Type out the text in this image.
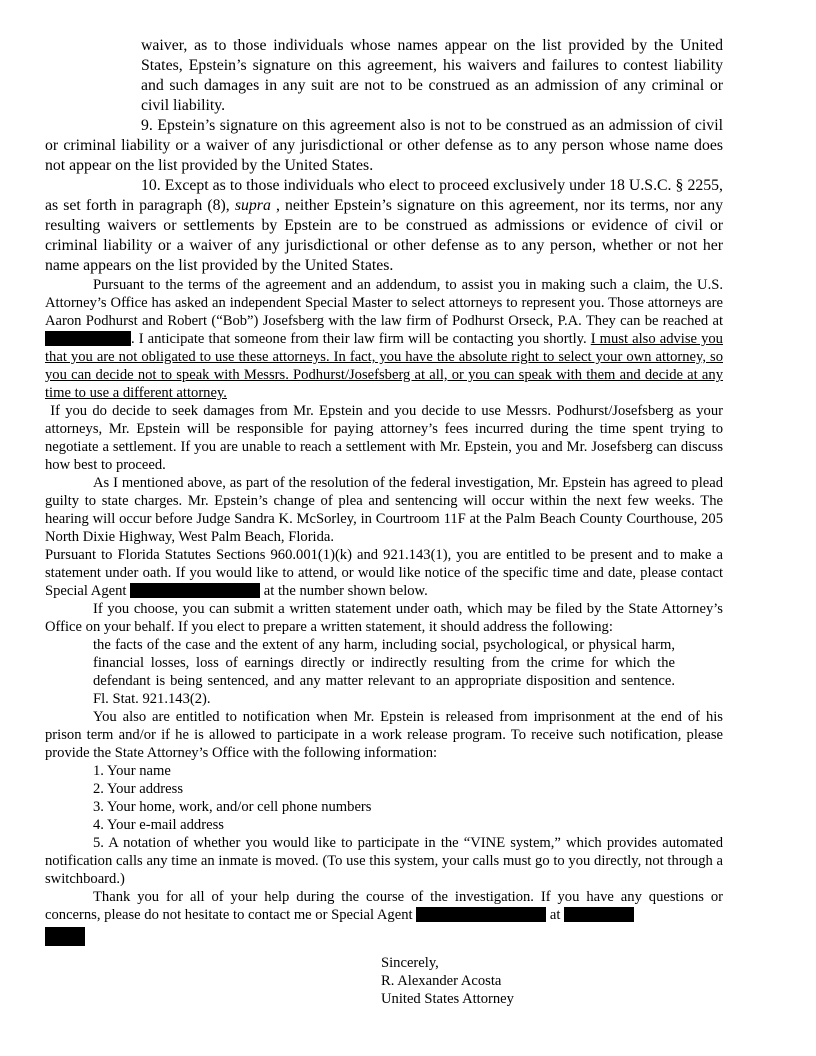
waiver, as to those individuals whose names appear on the list provided by the United States, Epstein’s signature on this agreement, his waivers and failures to contest liability and such damages in any suit are not to be construed as an admission of any criminal or civil liability.

9. Epstein’s signature on this agreement also is not to be construed as an admission of civil or criminal liability or a waiver of any jurisdictional or other defense as to any person whose name does not appear on the list provided by the United States.

10. Except as to those individuals who elect to proceed exclusively under 18 U.S.C. § 2255, as set forth in paragraph (8), supra , neither Epstein’s signature on this agreement, nor its terms, nor any resulting waivers or settlements by Epstein are to be construed as admissions or evidence of civil or criminal liability or a waiver of any jurisdictional or other defense as to any person, whether or not her name appears on the list provided by the United States.

Pursuant to the terms of the agreement and an addendum, to assist you in making such a claim, the U.S. Attorney’s Office has asked an independent Special Master to select attorneys to represent you. Those attorneys are Aaron Podhurst and Robert (“Bob”) Josefsberg with the law firm of Podhurst Orseck, P.A. They can be reached at . I anticipate that someone from their law firm will be contacting you shortly. I must also advise you that you are not obligated to use these attorneys. In fact, you have the absolute right to select your own attorney, so you can decide not to speak with Messrs. Podhurst/Josefsberg at all, or you can speak with them and decide at any time to use a different attorney.

If you do decide to seek damages from Mr. Epstein and you decide to use Messrs. Podhurst/Josefsberg as your attorneys, Mr. Epstein will be responsible for paying attorney’s fees incurred during the time spent trying to negotiate a settlement. If you are unable to reach a settlement with Mr. Epstein, you and Mr. Josefsberg can discuss how best to proceed.

As I mentioned above, as part of the resolution of the federal investigation, Mr. Epstein has agreed to plead guilty to state charges. Mr. Epstein’s change of plea and sentencing will occur within the next few weeks. The hearing will occur before Judge Sandra K. McSorley, in Courtroom 11F at the Palm Beach County Courthouse, 205 North Dixie Highway, West Palm Beach, Florida.

Pursuant to Florida Statutes Sections 960.001(1)(k) and 921.143(1), you are entitled to be present and to make a statement under oath. If you would like to attend, or would like notice of the specific time and date, please contact Special Agent	at the number shown below.

If you choose, you can submit a written statement under oath, which may be filed by the State Attorney’s Office on your behalf. If you elect to prepare a written statement, it should address the following:

the facts of the case and the extent of any harm, including social, psychological, or physical harm, financial losses, loss of earnings directly or indirectly resulting from the crime for which the defendant is being sentenced, and any matter relevant to an appropriate disposition and sentence. Fl. Stat. 921.143(2).

You also are entitled to notification when Mr. Epstein is released from imprisonment at the end of his prison term and/or if he is allowed to participate in a work release program. To receive such notification, please provide the State Attorney’s Office with the following information:

1. Your name
2. Your address
3. Your home, work, and/or cell phone numbers
4. Your e-mail address

5. A notation of whether you would like to participate in the “VINE system,” which provides automated notification calls any time an inmate is moved. (To use this system, your calls must go to you directly, not through a switchboard.)

Thank you for all of your help during the course of the investigation. If you have any questions or concerns, please do not hesitate to contact me or Special Agent	at

Sincerely,
R. Alexander Acosta
United States Attorney
